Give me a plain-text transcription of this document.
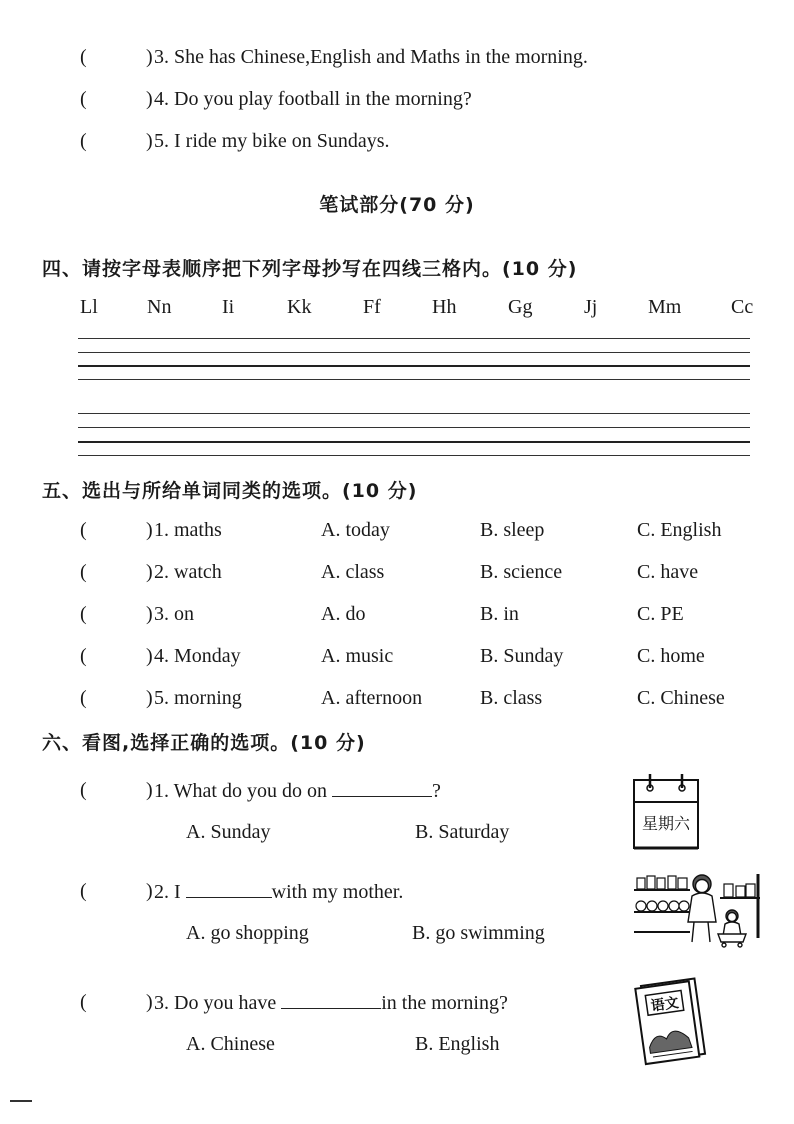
(	) 3. She has Chinese,English and Maths in the morning.
(	) 4. Do you play football in the morning?
(	) 5. I ride my bike on Sundays.
笔试部分(70 分)
四、请按字母表顺序把下列字母抄写在四线三格内。(10 分)
Ll Nn	Ii	Kk	Ff	Hh	Gg	Jj	Mm Cc
五、选出与所给单词同类的选项。(10 分)
(	) 1. maths	A. today	B. sleep	C. English
(	) 2. watch	A. class	B. science	C. have
(	) 3. on	A. do	B. in	C. PE
(	) 4. Monday	A. music	B. Sunday	C. home
(	) 5. morning	A. afternoon	B. class	C. Chinese
六、看图,选择正确的选项。(10 分)
(	) 1. What do you do on	?
A. Sunday	B. Saturday	星期六
(	) 2. I	with my mother.
A. go shopping	B. go swimming
(	) 3. Do you have	in the morning?
A. Chinese	B. English
语文
